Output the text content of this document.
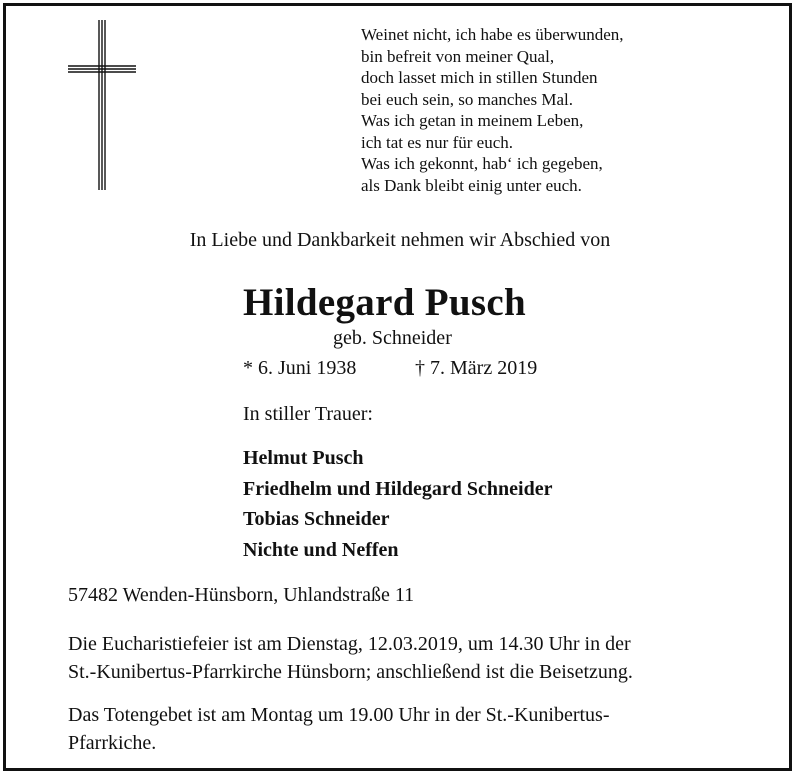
Weinet nicht, ich habe es überwunden,
bin befreit von meiner Qual,
doch lasset mich in stillen Stunden
bei euch sein, so manches Mal.
Was ich getan in meinem Leben,
ich tat es nur für euch.
Was ich gekonnt, hab‘ ich gegeben,
als Dank bleibt einig unter euch.
In Liebe und Dankbarkeit nehmen wir Abschied von
Hildegard Pusch
geb. Schneider
* 6. Juni 1938	† 7. März 2019
In stiller Trauer:
Helmut Pusch
Friedhelm und Hildegard Schneider
Tobias Schneider
Nichte und Neffen
57482 Wenden-Hünsborn, Uhlandstraße 11
Die Eucharistiefeier ist am Dienstag, 12.03.2019, um 14.30 Uhr in der
St.-Kunibertus-Pfarrkirche Hünsborn; anschließend ist die Beisetzung.
Das Totengebet ist am Montag um 19.00 Uhr in der St.-Kunibertus-
Pfarrkiche.
